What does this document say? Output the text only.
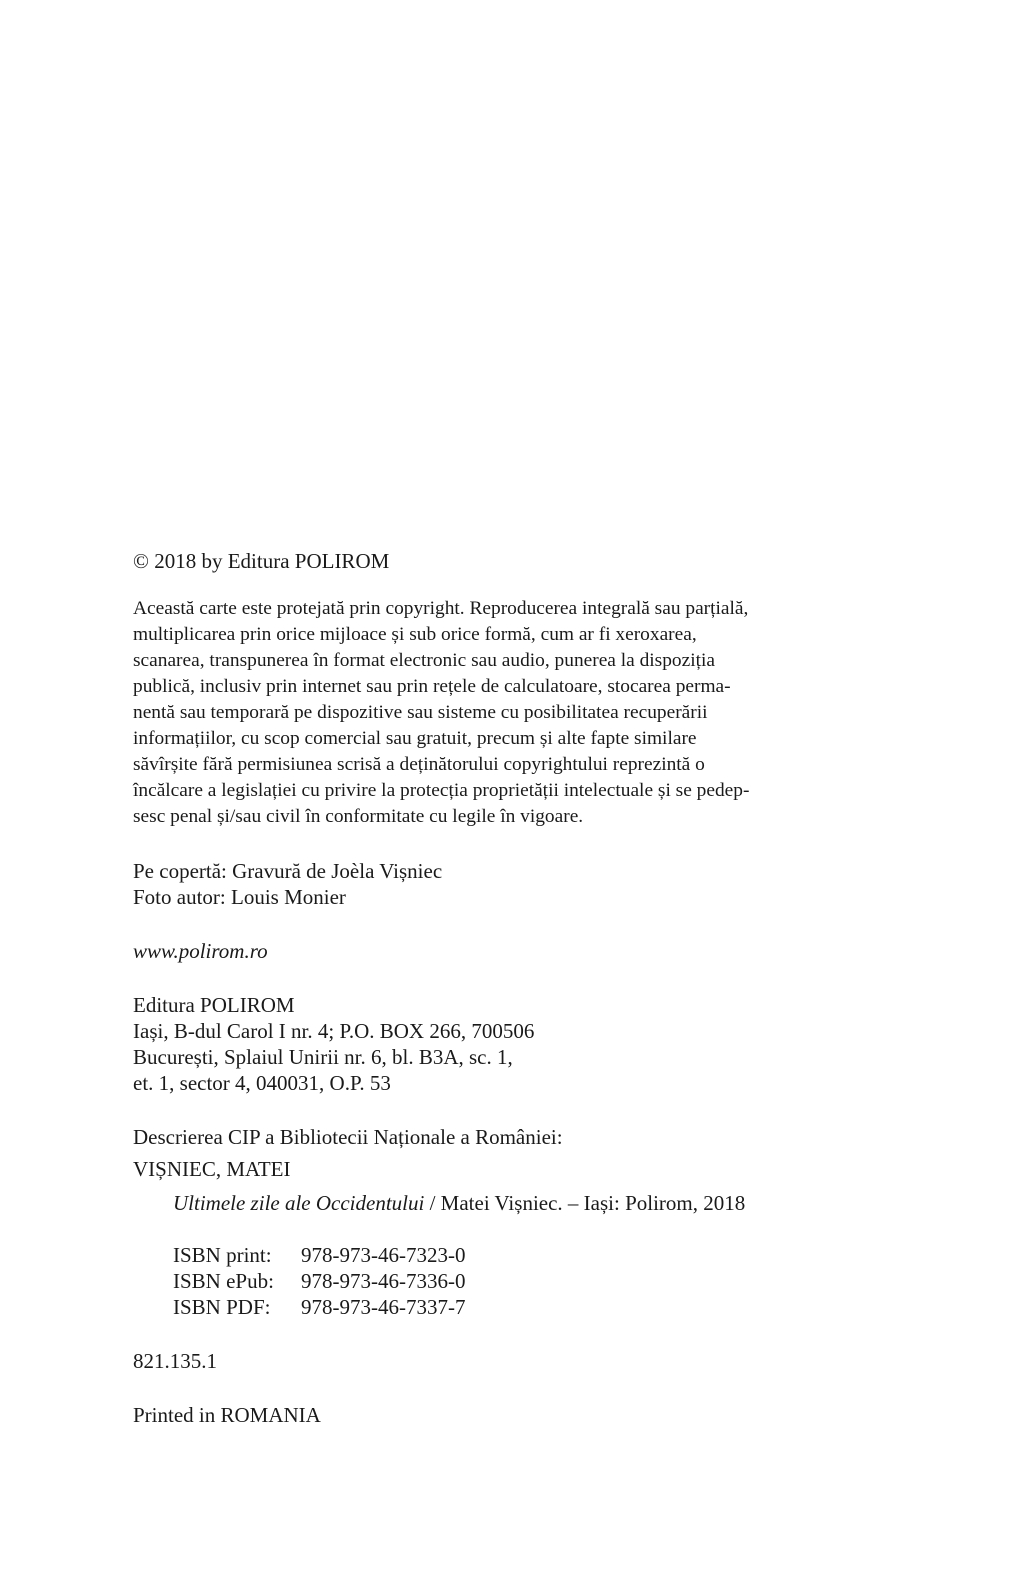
© 2018 by Editura POLIROM
Această carte este protejată prin copyright. Reproducerea integrală sau parțială,
multiplicarea prin orice mijloace și sub orice formă, cum ar fi xeroxarea,
scanarea, transpunerea în format electronic sau audio, punerea la dispoziția
publică, inclusiv prin internet sau prin rețele de calculatoare, stocarea perma-
nentă sau temporară pe dispozitive sau sisteme cu posibilitatea recuperării
informațiilor, cu scop comercial sau gratuit, precum și alte fapte similare
săvîrșite fără permisiunea scrisă a deținătorului copyrightului reprezintă o
încălcare a legislației cu privire la protecția proprietății intelectuale și se pedep-
sesc penal și/sau civil în conformitate cu legile în vigoare.
Pe copertă: Gravură de Joèla Vișniec
Foto autor: Louis Monier
www.polirom.ro
Editura POLIROM
Iași, B-dul Carol I nr. 4; P.O. BOX 266, 700506
București, Splaiul Unirii nr. 6, bl. B3A, sc. 1,
et. 1, sector 4, 040031, O.P. 53
Descrierea CIP a Bibliotecii Naționale a României:
VIȘNIEC, MATEI
Ultimele zile ale Occidentului / Matei Vișniec. – Iași: Polirom, 2018
ISBN print:	978-973-46-7323-0
ISBN ePub:	978-973-46-7336-0
ISBN PDF:	978-973-46-7337-7
821.135.1
Printed in ROMANIA
